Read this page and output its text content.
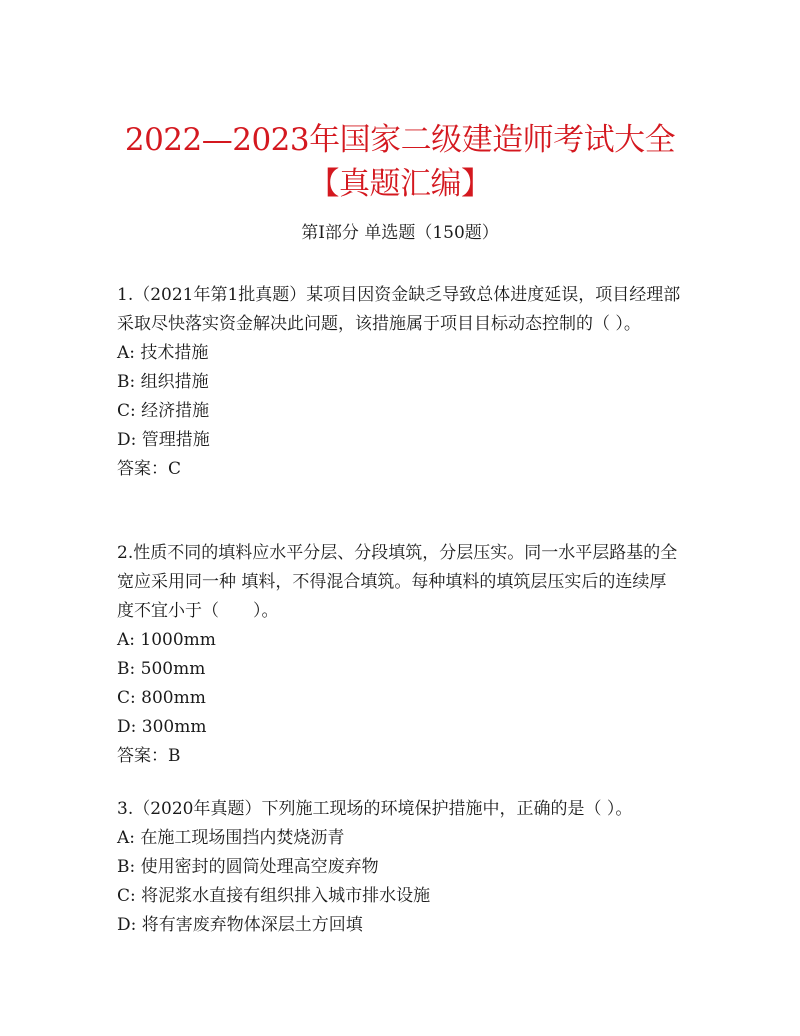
2022—2023年国家二级建造师考试大全【真题汇编】
第I部分 单选题（150题）

1.（2021年第1批真题）某项目因资金缺乏导致总体进度延误，项目经理部采取尽快落实资金解决此问题，该措施属于项目目标动态控制的（ ）。

A: 技术措施

B: 组织措施

C: 经济措施

D: 管理措施

答案：C

2.性质不同的填料应水平分层、分段填筑，分层压实。同一水平层路基的全宽应采用同一种 填料，不得混合填筑。每种填料的填筑层压实后的连续厚度不宜小于（　　）。

A: 1000mm

B: 500mm

C: 800mm

D: 300mm

答案：B

3.（2020年真题）下列施工现场的环境保护措施中，正确的是（ ）。

A: 在施工现场围挡内焚烧沥青

B: 使用密封的圆筒处理高空废弃物

C: 将泥浆水直接有组织排入城市排水设施

D: 将有害废弃物体深层土方回填
